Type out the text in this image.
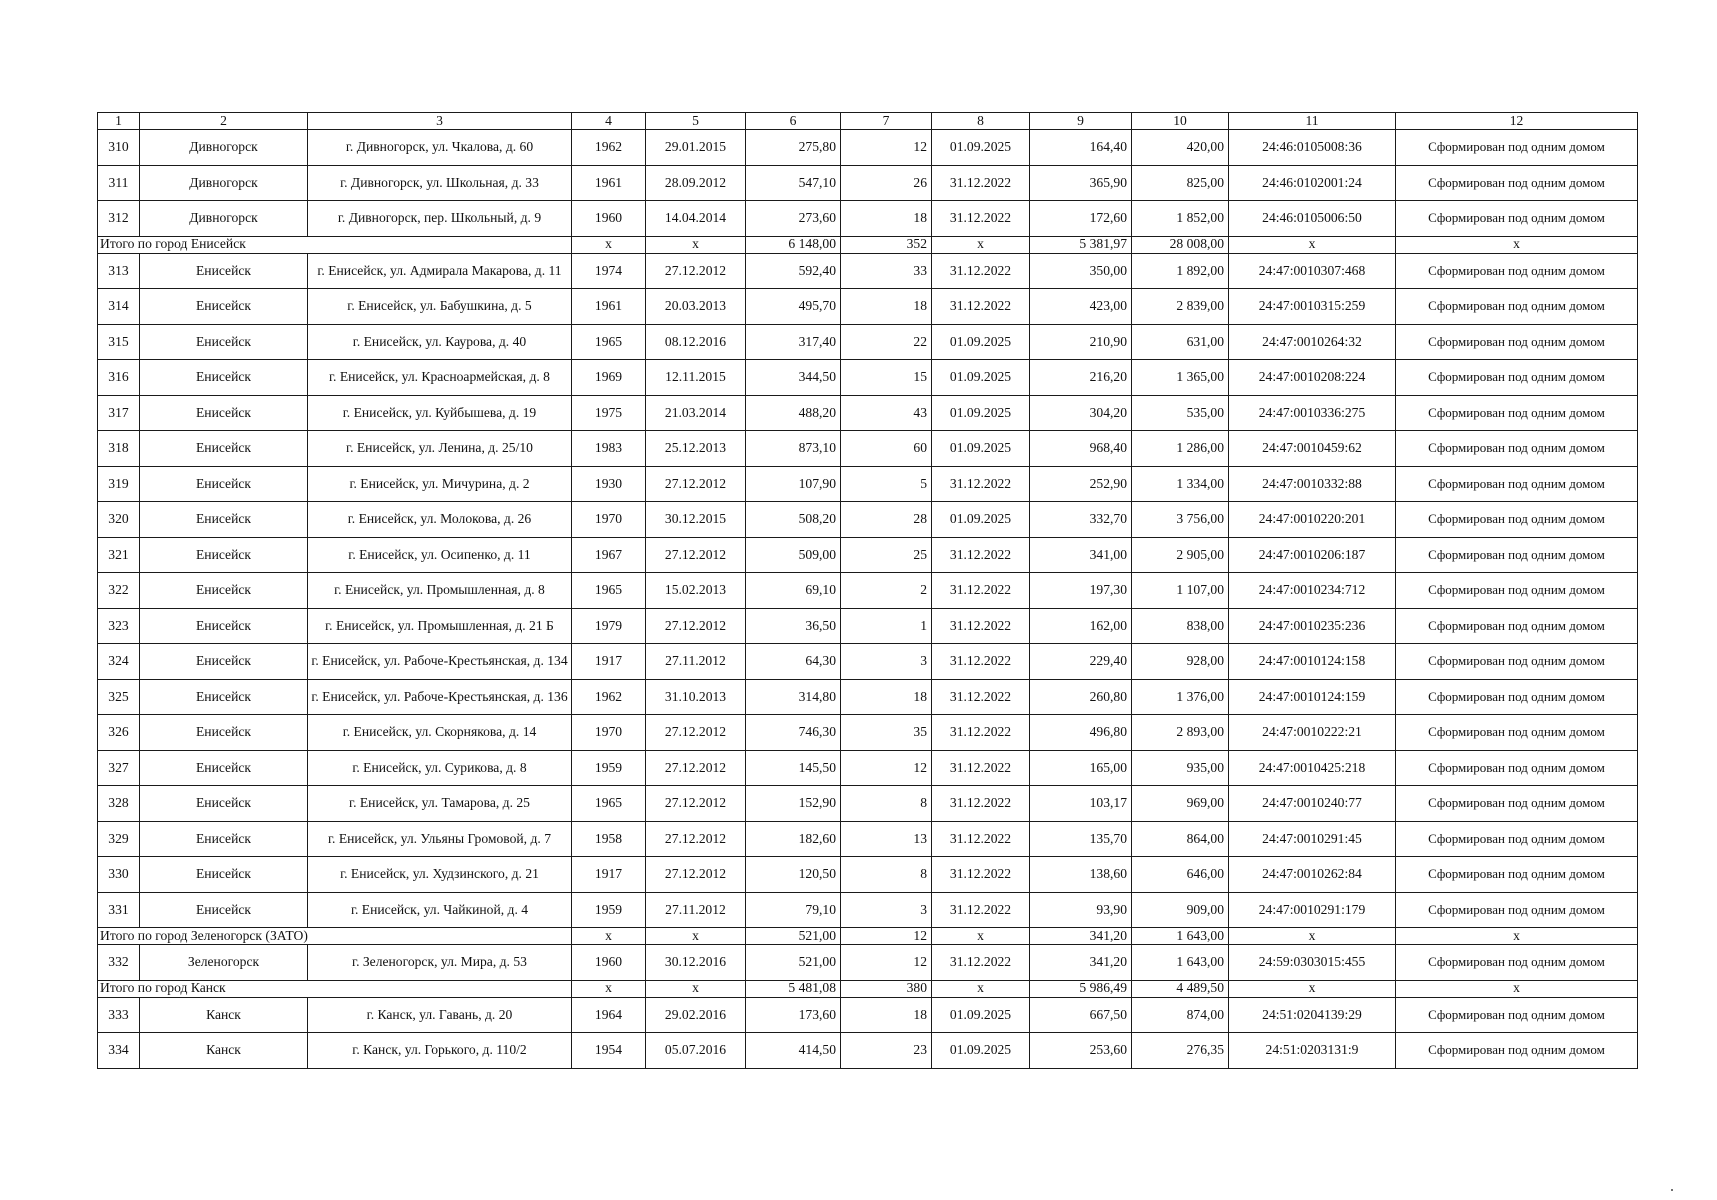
1	2	3	4	5	6	7	8	9	10	11	12
310	Дивногорск	г. Дивногорск, ул. Чкалова, д. 60	1962	29.01.2015	275,80	12	01.09.2025	164,40	420,00	24:46:0105008:36	Сформирован под одним домом
311	Дивногорск	г. Дивногорск, ул. Школьная, д. 33	1961	28.09.2012	547,10	26	31.12.2022	365,90	825,00	24:46:0102001:24	Сформирован под одним домом
312	Дивногорск	г. Дивногорск, пер. Школьный, д. 9	1960	14.04.2014	273,60	18	31.12.2022	172,60	1 852,00	24:46:0105006:50	Сформирован под одним домом
Итого по город Енисейск			x	x	6 148,00	352	x	5 381,97	28 008,00	x	x
313	Енисейск	г. Енисейск, ул. Адмирала Макарова, д. 11	1974	27.12.2012	592,40	33	31.12.2022	350,00	1 892,00	24:47:0010307:468	Сформирован под одним домом
314	Енисейск	г. Енисейск, ул. Бабушкина, д. 5	1961	20.03.2013	495,70	18	31.12.2022	423,00	2 839,00	24:47:0010315:259	Сформирован под одним домом
315	Енисейск	г. Енисейск, ул. Каурова, д. 40	1965	08.12.2016	317,40	22	01.09.2025	210,90	631,00	24:47:0010264:32	Сформирован под одним домом
316	Енисейск	г. Енисейск, ул. Красноармейская, д. 8	1969	12.11.2015	344,50	15	01.09.2025	216,20	1 365,00	24:47:0010208:224	Сформирован под одним домом
317	Енисейск	г. Енисейск, ул. Куйбышева, д. 19	1975	21.03.2014	488,20	43	01.09.2025	304,20	535,00	24:47:0010336:275	Сформирован под одним домом
318	Енисейск	г. Енисейск, ул. Ленина, д. 25/10	1983	25.12.2013	873,10	60	01.09.2025	968,40	1 286,00	24:47:0010459:62	Сформирован под одним домом
319	Енисейск	г. Енисейск, ул. Мичурина, д. 2	1930	27.12.2012	107,90	5	31.12.2022	252,90	1 334,00	24:47:0010332:88	Сформирован под одним домом
320	Енисейск	г. Енисейск, ул. Молокова, д. 26	1970	30.12.2015	508,20	28	01.09.2025	332,70	3 756,00	24:47:0010220:201	Сформирован под одним домом
321	Енисейск	г. Енисейск, ул. Осипенко, д. 11	1967	27.12.2012	509,00	25	31.12.2022	341,00	2 905,00	24:47:0010206:187	Сформирован под одним домом
322	Енисейск	г. Енисейск, ул. Промышленная, д. 8	1965	15.02.2013	69,10	2	31.12.2022	197,30	1 107,00	24:47:0010234:712	Сформирован под одним домом
323	Енисейск	г. Енисейск, ул. Промышленная, д. 21 Б	1979	27.12.2012	36,50	1	31.12.2022	162,00	838,00	24:47:0010235:236	Сформирован под одним домом
324	Енисейск	г. Енисейск, ул. Рабоче-Крестьянская, д. 134	1917	27.11.2012	64,30	3	31.12.2022	229,40	928,00	24:47:0010124:158	Сформирован под одним домом
325	Енисейск	г. Енисейск, ул. Рабоче-Крестьянская, д. 136	1962	31.10.2013	314,80	18	31.12.2022	260,80	1 376,00	24:47:0010124:159	Сформирован под одним домом
326	Енисейск	г. Енисейск, ул. Скорнякова, д. 14	1970	27.12.2012	746,30	35	31.12.2022	496,80	2 893,00	24:47:0010222:21	Сформирован под одним домом
327	Енисейск	г. Енисейск, ул. Сурикова, д. 8	1959	27.12.2012	145,50	12	31.12.2022	165,00	935,00	24:47:0010425:218	Сформирован под одним домом
328	Енисейск	г. Енисейск, ул. Тамарова, д. 25	1965	27.12.2012	152,90	8	31.12.2022	103,17	969,00	24:47:0010240:77	Сформирован под одним домом
329	Енисейск	г. Енисейск, ул. Ульяны Громовой, д. 7	1958	27.12.2012	182,60	13	31.12.2022	135,70	864,00	24:47:0010291:45	Сформирован под одним домом
330	Енисейск	г. Енисейск, ул. Худзинского, д. 21	1917	27.12.2012	120,50	8	31.12.2022	138,60	646,00	24:47:0010262:84	Сформирован под одним домом
331	Енисейск	г. Енисейск, ул. Чайкиной, д. 4	1959	27.11.2012	79,10	3	31.12.2022	93,90	909,00	24:47:0010291:179	Сформирован под одним домом
Итого по город Зеленогорск (ЗАТО)			x	x	521,00	12	x	341,20	1 643,00	x	x
332	Зеленогорск	г. Зеленогорск, ул. Мира, д. 53	1960	30.12.2016	521,00	12	31.12.2022	341,20	1 643,00	24:59:0303015:455	Сформирован под одним домом
Итого по город Канск			x	x	5 481,08	380	x	5 986,49	4 489,50	x	x
333	Канск	г. Канск, ул. Гавань, д. 20	1964	29.02.2016	173,60	18	01.09.2025	667,50	874,00	24:51:0204139:29	Сформирован под одним домом
334	Канск	г. Канск, ул. Горького, д. 110/2	1954	05.07.2016	414,50	23	01.09.2025	253,60	276,35	24:51:0203131:9	Сформирован под одним домом
